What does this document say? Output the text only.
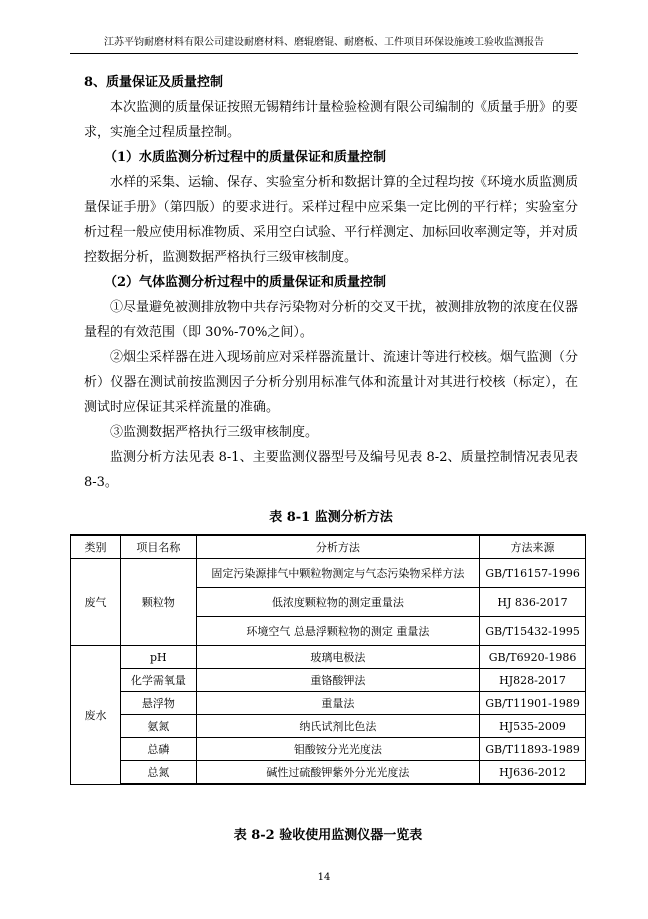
江苏平钧耐磨材料有限公司建设耐磨材料、磨辊磨锟、耐磨板、工件项目环保设施竣工验收监测报告

8、质量保证及质量控制

本次监测的质量保证按照无锡精纬计量检验检测有限公司编制的《质量手册》的要求，实施全过程质量控制。

（1）水质监测分析过程中的质量保证和质量控制

水样的采集、运输、保存、实验室分析和数据计算的全过程均按《环境水质监测质量保证手册》（第四版）的要求进行。采样过程中应采集一定比例的平行样；实验室分析过程一般应使用标准物质、采用空白试验、平行样测定、加标回收率测定等，并对质控数据分析，监测数据严格执行三级审核制度。

（2）气体监测分析过程中的质量保证和质量控制

①尽量避免被测排放物中共存污染物对分析的交叉干扰，被测排放物的浓度在仪器量程的有效范围（即 30%-70%之间）。

②烟尘采样器在进入现场前应对采样器流量计、流速计等进行校核。烟气监测（分析）仪器在测试前按监测因子分析分别用标准气体和流量计对其进行校核（标定），在测试时应保证其采样流量的准确。

③监测数据严格执行三级审核制度。

监测分析方法见表 8-1、主要监测仪器型号及编号见表 8-2、质量控制情况表见表 8-3。

表 8-1 监测分析方法

类别	项目名称	分析方法	方法来源
废气	颗粒物	固定污染源排气中颗粒物测定与气态污染物采样方法	GB/T16157-1996
		低浓度颗粒物的测定重量法	HJ 836-2017
		环境空气 总悬浮颗粒物的测定 重量法	GB/T15432-1995
废水	pH	玻璃电极法	GB/T6920-1986
	化学需氧量	重铬酸钾法	HJ828-2017
	悬浮物	重量法	GB/T11901-1989
	氨氮	纳氏试剂比色法	HJ535-2009
	总磷	钼酸铵分光光度法	GB/T11893-1989
	总氮	碱性过硫酸钾紫外分光光度法	HJ636-2012
表 8-2 验收使用监测仪器一览表
14
